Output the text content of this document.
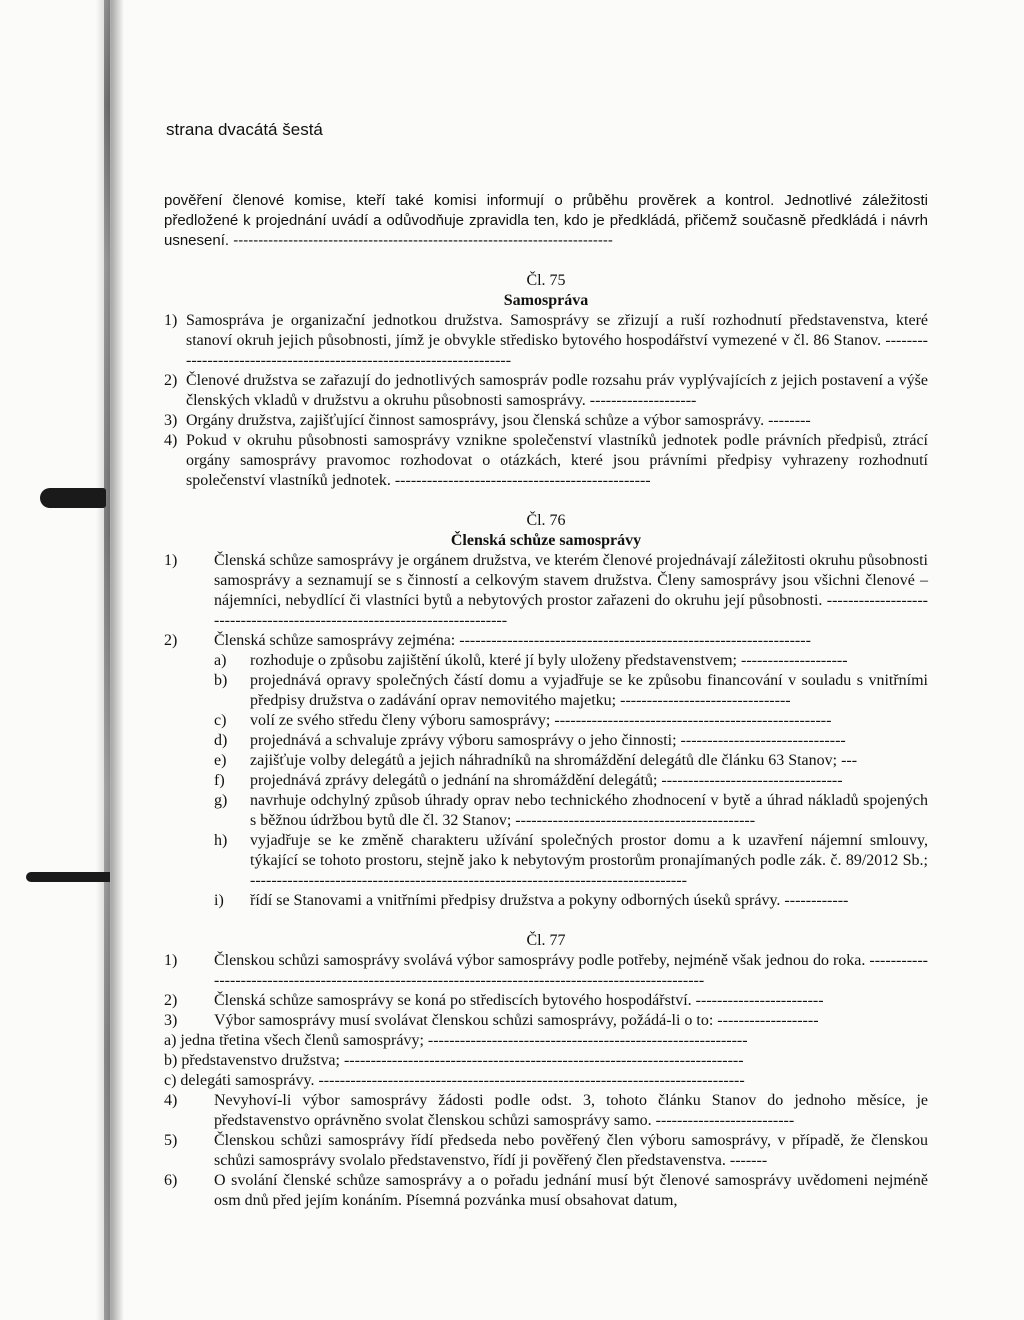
strana dvacátá šestá

pověření členové komise, kteří také komisi informují o průběhu prověrek a kontrol. Jednotlivé záležitosti předložené k projednání uvádí a odůvodňuje zpravidla ten, kdo je předkládá, přičemž současně předkládá i návrh usnesení. ----------------------------------------------------------------------------

Čl. 75

Samospráva

1) Samospráva je organizační jednotkou družstva. Samosprávy se zřizují a ruší rozhodnutí představenstva, které stanoví okruh jejich působnosti, jímž je obvykle středisko bytového hospodářství vymezené v čl. 86 Stanov. ---------------------------------------------------------------------
2) Členové družstva se zařazují do jednotlivých samospráv podle rozsahu práv vyplývajících z jejich postavení a výše členských vkladů v družstvu a okruhu působnosti samosprávy. --------------------
3) Orgány družstva, zajišťující činnost samosprávy, jsou členská schůze a výbor samosprávy. --------
4) Pokud v okruhu působnosti samosprávy vznikne společenství vlastníků jednotek podle právních předpisů, ztrácí orgány samosprávy pravomoc rozhodovat o otázkách, které jsou právními předpisy vyhrazeny rozhodnutí společenství vlastníků jednotek. ------------------------------------------------

Čl. 76

Členská schůze samosprávy

1)	Členská schůze samosprávy je orgánem družstva, ve kterém členové projednávají záležitosti okruhu působnosti samosprávy a seznamují se s činností a celkovým stavem družstva. Členy samosprávy jsou všichni členové – nájemníci, nebydlící či vlastníci bytů a nebytových prostor zařazeni do okruhu její působnosti. --------------------------------------------------------------------------
2)	Členská schůze samosprávy zejména: ------------------------------------------------------------------
a)	rozhoduje o způsobu zajištění úkolů, které jí byly uloženy představenstvem; --------------------
b)	projednává opravy společných částí domu a vyjadřuje se ke způsobu financování v souladu s vnitřními předpisy družstva o zadávání oprav nemovitého majetku; --------------------------------
c)	volí ze svého středu členy výboru samosprávy; ----------------------------------------------------
d)	projednává a schvaluje zprávy výboru samosprávy o jeho činnosti; -------------------------------
e)	zajišťuje volby delegátů a jejich náhradníků na shromáždění delegátů dle článku 63 Stanov; ---
f)	projednává zprávy delegátů o jednání na shromáždění delegátů; ----------------------------------
g)	navrhuje odchylný způsob úhrady oprav nebo technického zhodnocení v bytě a úhrad nákladů spojených s běžnou údržbou bytů dle čl. 32 Stanov; ---------------------------------------------
h)	vyjadřuje se ke změně charakteru užívání společných prostor domu a k uzavření nájemní smlouvy, týkající se tohoto prostoru, stejně jako k nebytovým prostorům pronajímaných podle zák. č. 89/2012 Sb.; ----------------------------------------------------------------------------------
i)	řídí se Stanovami a vnitřními předpisy družstva a pokyny odborných úseků správy. ------------

Čl. 77

1)	Členskou schůzi samosprávy svolává výbor samosprávy podle potřeby, nejméně však jednou do roka. -------------------------------------------------------------------------------------------------------
2)	Členská schůze samosprávy se koná po střediscích bytového hospodářství. ------------------------
3)	Výbor samosprávy musí svolávat členskou schůzi samosprávy, požádá-li o to: -------------------

a) jedna třetina všech členů samosprávy; ------------------------------------------------------------

b) představenstvo družstva; ---------------------------------------------------------------------------

c) delegáti samosprávy. --------------------------------------------------------------------------------

4)	Nevyhoví-li výbor samosprávy žádosti podle odst. 3, tohoto článku Stanov do jednoho měsíce, je představenstvo oprávněno svolat členskou schůzi samosprávy samo. --------------------------
5)	Členskou schůzi samosprávy řídí předseda nebo pověřený člen výboru samosprávy, v případě, že členskou schůzi samosprávy svolalo představenstvo, řídí ji pověřený člen představenstva. -------
6)	O svolání členské schůze samosprávy a o pořadu jednání musí být členové samosprávy uvědomeni nejméně osm dnů před jejím konáním. Písemná pozvánka musí obsahovat datum,
